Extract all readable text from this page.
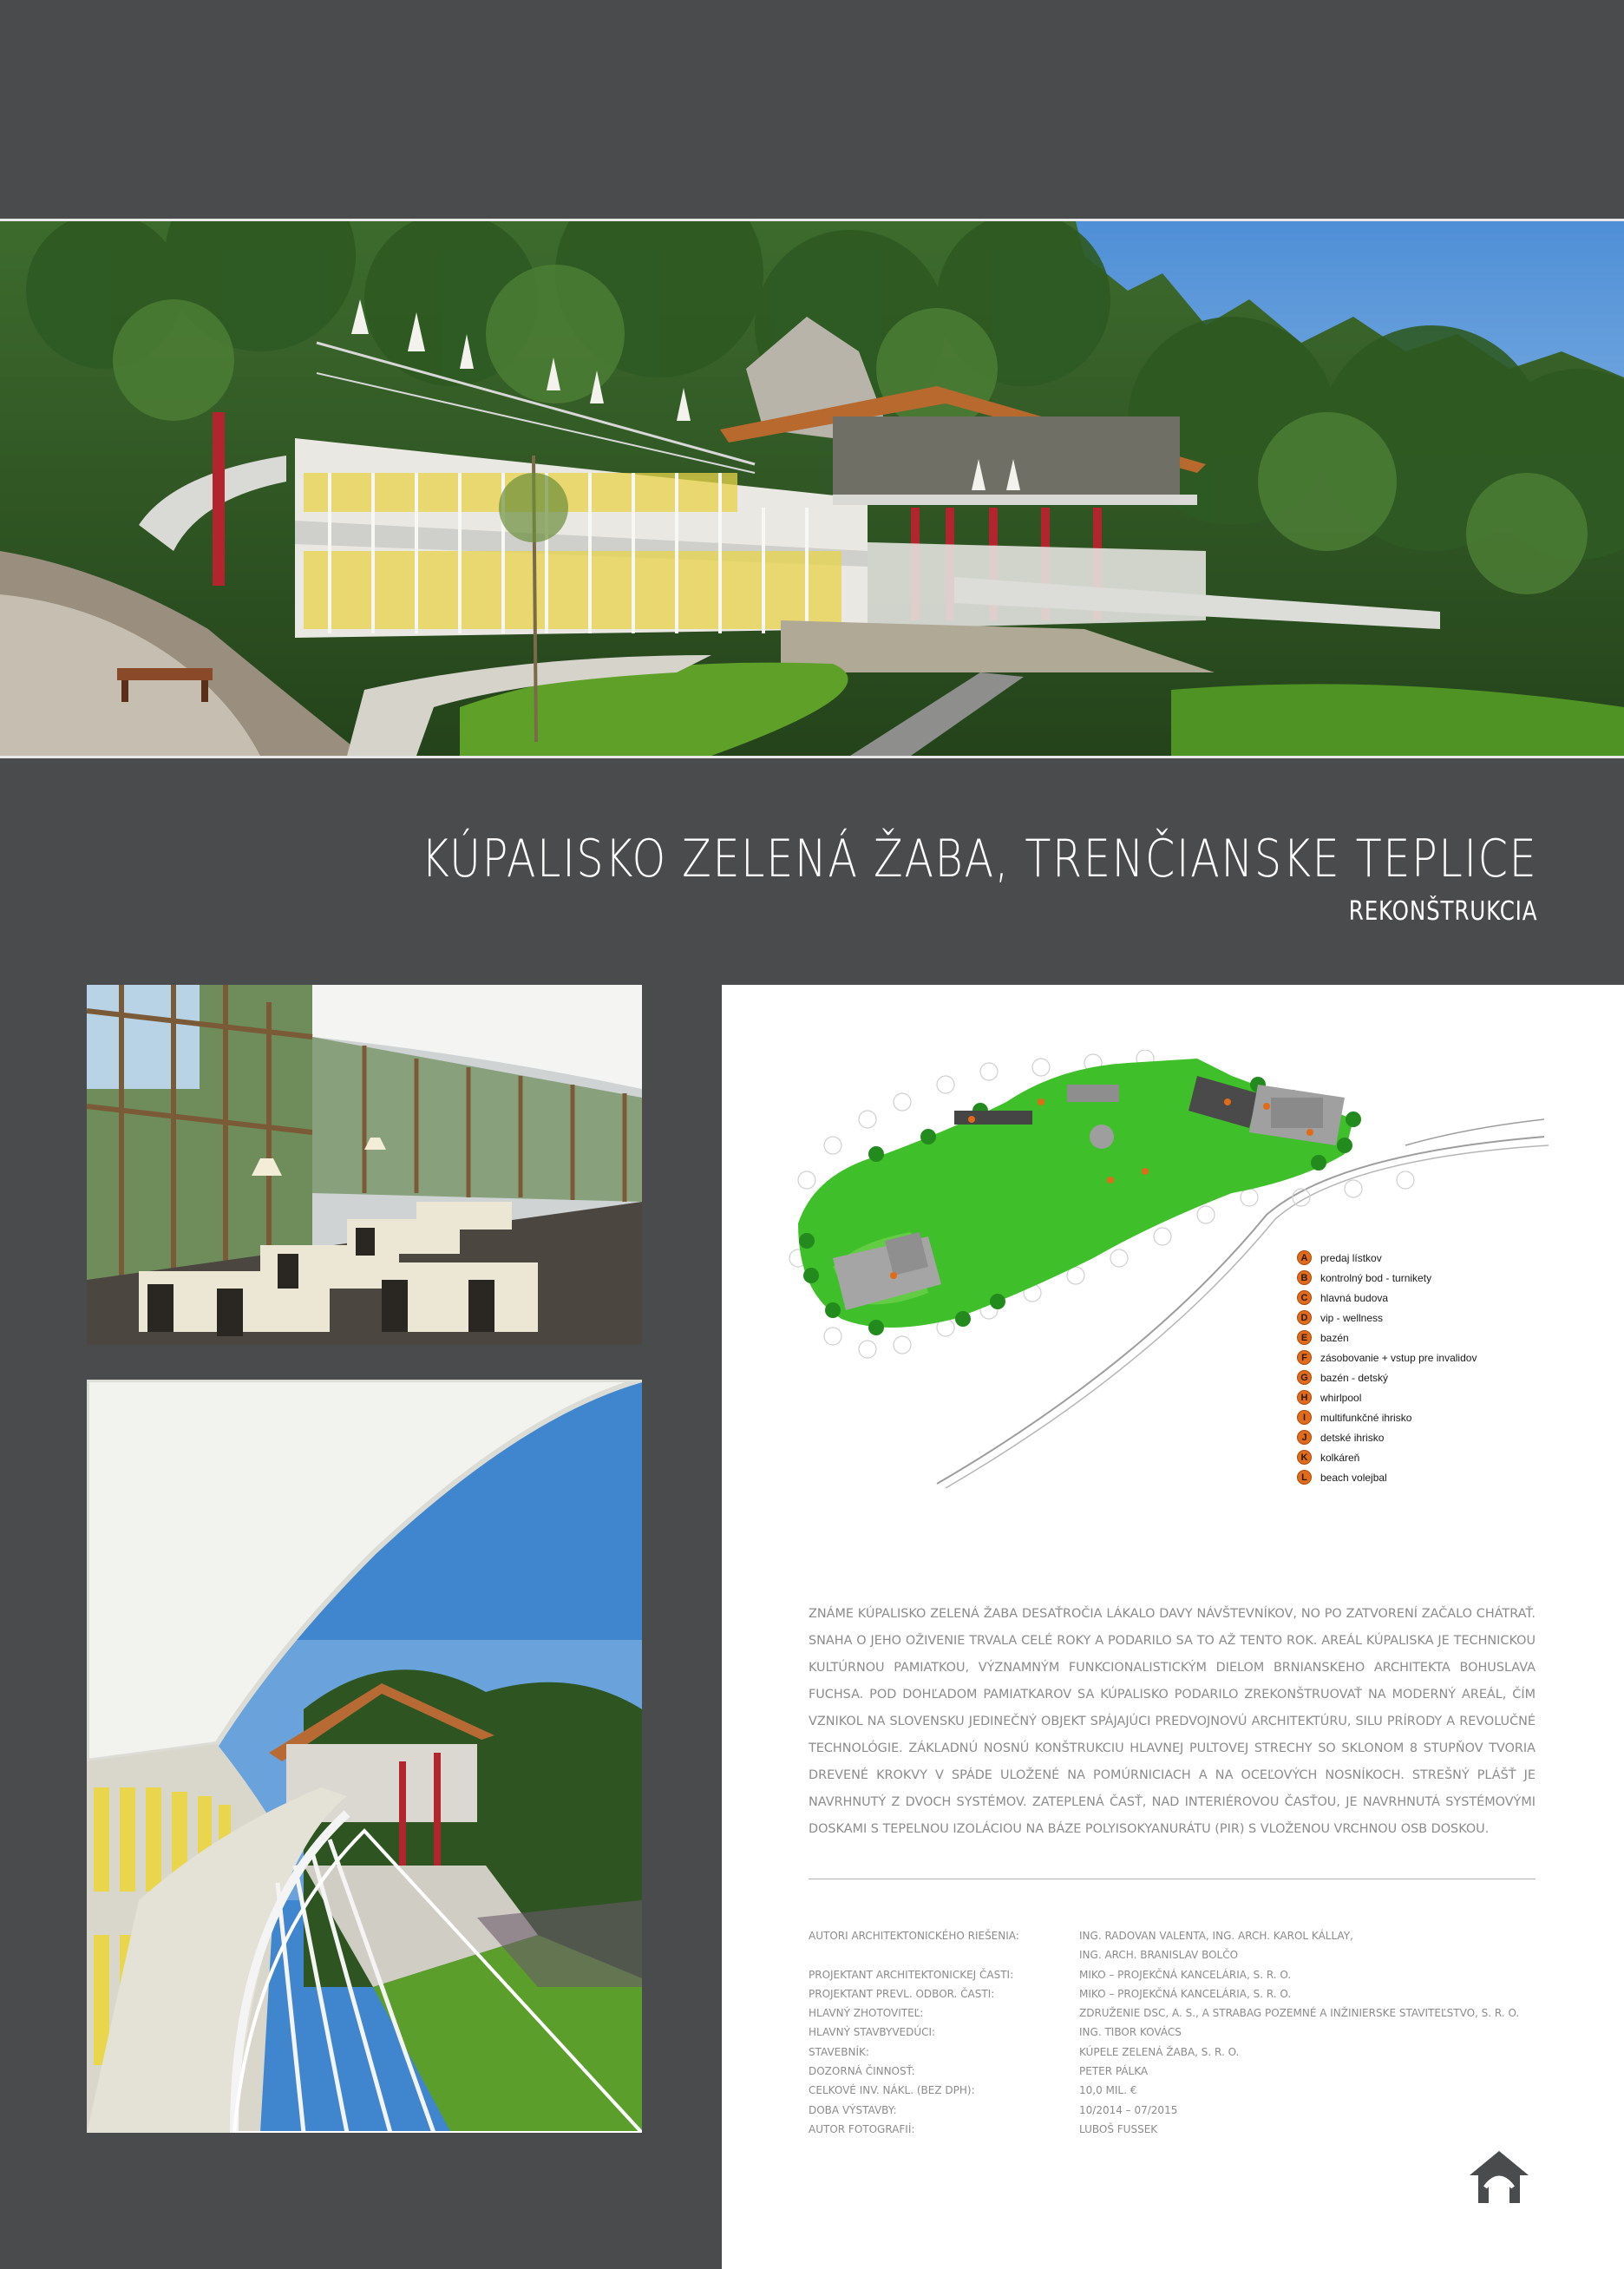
KÚPALISKO ZELENÁ ŽABA, TRENČIANSKE TEPLICE
REKONŠTRUKCIA
A	predaj lístkov
B	kontrolný bod - turnikety
C	hlavná budova
D	vip - wellness
E	bazén
F	zásobovanie + vstup pre invalidov
G	bazén - detský
H	whirlpool
I	multifunkčné ihrisko
J	detské ihrisko
K	kolkáreň
L	beach volejbal
ZNÁME KÚPALISKO ZELENÁ ŽABA DESAŤROČIA LÁKALO DAVY NÁVŠTEVNÍKOV, NO PO ZATVORENÍ ZAČALO CHÁTRAŤ. SNAHA O JEHO OŽIVENIE TRVALA CELÉ ROKY A PODARILO SA TO AŽ TENTO ROK. AREÁL KÚPALISKA JE TECHNICKOU KULTÚRNOU PAMIATKOU, VÝZNAMNÝM FUNKCIONALISTICKÝM DIELOM BRNIANSKEHO ARCHITEKTA BOHUSLAVA FUCHSA. POD DOHĽADOM PAMIATKAROV SA KÚPALISKO PODARILO ZREKONŠTRUOVAŤ NA MODERNÝ AREÁL, ČÍM VZNIKOL NA SLOVENSKU JEDINEČNÝ OBJEKT SPÁJAJÚCI PREDVOJNOVÚ ARCHITEKTÚRU, SILU PRÍRODY A REVOLUČNÉ TECHNOLÓGIE. ZÁKLADNÚ NOSNÚ KONŠTRUKCIU HLAVNEJ PULTOVEJ STRECHY SO SKLONOM 8 STUPŇOV TVORIA DREVENÉ KROKVY V SPÁDE ULOŽENÉ NA POMÚRNICIACH A NA OCEĽOVÝCH NOSNÍKOCH. STREŠNÝ PLÁŠŤ JE NAVRHNUTÝ Z DVOCH SYSTÉMOV. ZATEPLENÁ ČASŤ, NAD INTERIÉROVOU ČASŤOU, JE NAVRHNUTÁ SYSTÉMOVÝMI DOSKAMI S TEPELNOU IZOLÁCIOU NA BÁZE POLYISOKYANURÁTU (PIR) S VLOŽENOU VRCHNOU OSB DOSKOU.
AUTORI ARCHITEKTONICKÉHO RIEŠENIA:	ING. RADOVAN VALENTA, ING. ARCH. KAROL KÁLLAY,
ING. ARCH. BRANISLAV BOLČO
PROJEKTANT ARCHITEKTONICKEJ ČASTI:	MIKO – PROJEKČNÁ KANCELÁRIA, S. R. O.
PROJEKTANT PREVL. ODBOR. ČASTI:	MIKO – PROJEKČNÁ KANCELÁRIA, S. R. O.
HLAVNÝ ZHOTOVITEĽ:	ZDRUŽENIE DSC, A. S., A STRABAG POZEMNÉ A INŽINIERSKE STAVITEĽSTVO, S. R. O.
HLAVNÝ STAVBYVEDÚCI:	ING. TIBOR KOVÁCS
STAVEBNÍK:	KÚPELE ZELENÁ ŽABA, S. R. O.
DOZORNÁ ČINNOSŤ:	PETER PÁLKA
CELKOVÉ INV. NÁKL. (BEZ DPH):	10,0 MIL. €
DOBA VÝSTAVBY:	10/2014 – 07/2015
AUTOR FOTOGRAFIÍ:	LUBOŠ FUSSEK
